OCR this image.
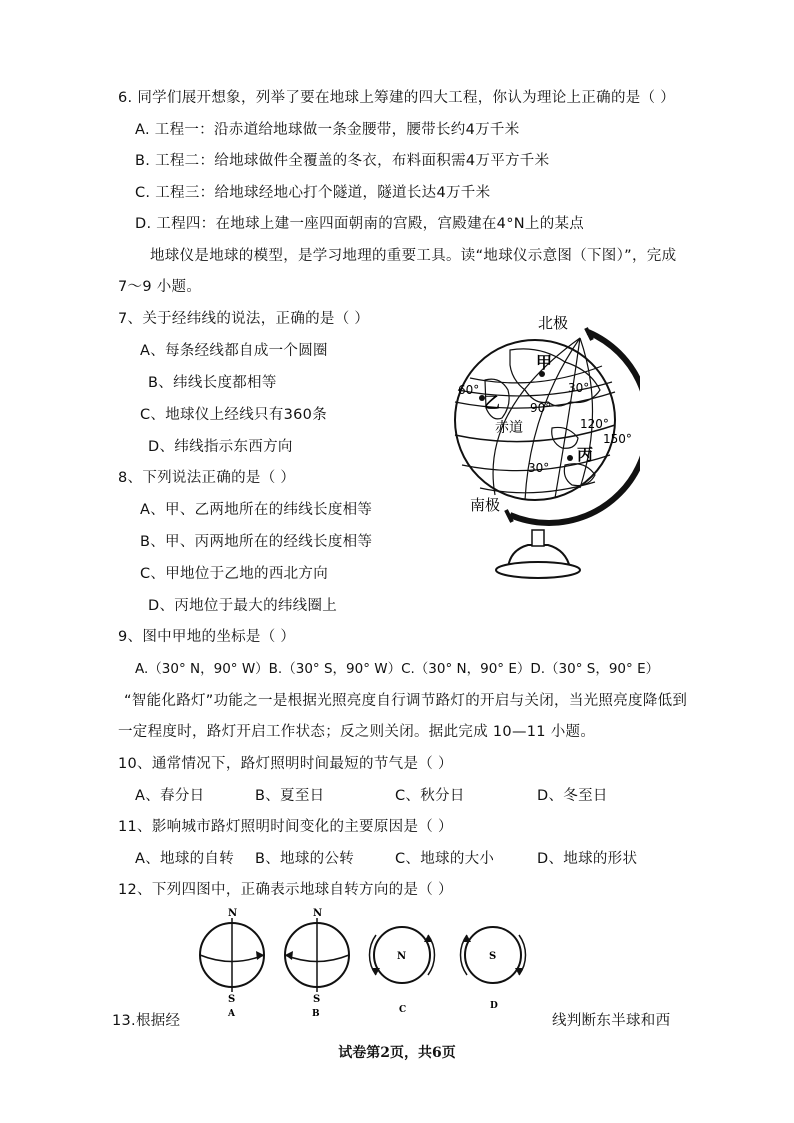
6. 同学们展开想象，列举了要在地球上筹建的四大工程，你认为理论上正确的是（ ）
A. 工程一：沿赤道给地球做一条金腰带，腰带长约4万千米
B. 工程二：给地球做件全覆盖的冬衣，布料面积需4万平方千米
C. 工程三：给地球经地心打个隧道，隧道长达4万千米
D. 工程四：在地球上建一座四面朝南的宫殿，宫殿建在4°N上的某点
地球仪是地球的模型，是学习地理的重要工具。读“地球仪示意图（下图）”，完成
7～9 小题。
7、关于经纬线的说法，正确的是（ ）
A、每条经线都自成一个圆圈
B、纬线长度都相等
C、地球仪上经线只有360条
D、纬线指示东西方向
8、下列说法正确的是（ ）
A、甲、乙两地所在的纬线长度相等
B、甲、丙两地所在的经线长度相等
C、甲地位于乙地的西北方向
D、丙地位于最大的纬线圈上
9、图中甲地的坐标是（ ）
A.（30° N，90° W）B.（30° S，90° W）C.（30° N，90° E）D.（30° S，90° E）
“智能化路灯”功能之一是根据光照亮度自行调节路灯的开启与关闭，当光照亮度降低到
一定程度时，路灯开启工作状态；反之则关闭。据此完成 10—11 小题。
10、通常情况下，路灯照明时间最短的节气是（ ）
A、春分日	B、夏至日	C、秋分日	D、冬至日
11、影响城市路灯照明时间变化的主要原因是（ ）
A、地球的自转 B、地球的公转	C、地球的大小	D、地球的形状
12、下列四图中，正确表示地球自转方向的是（ ）
13.根据经	线判断东半球和西
北极
南极
甲
乙
丙
赤道
30°
30°
60°
90°
120°
150°
N
S
A
N
S
B
N
C
S
D
试卷第2页，共6页
